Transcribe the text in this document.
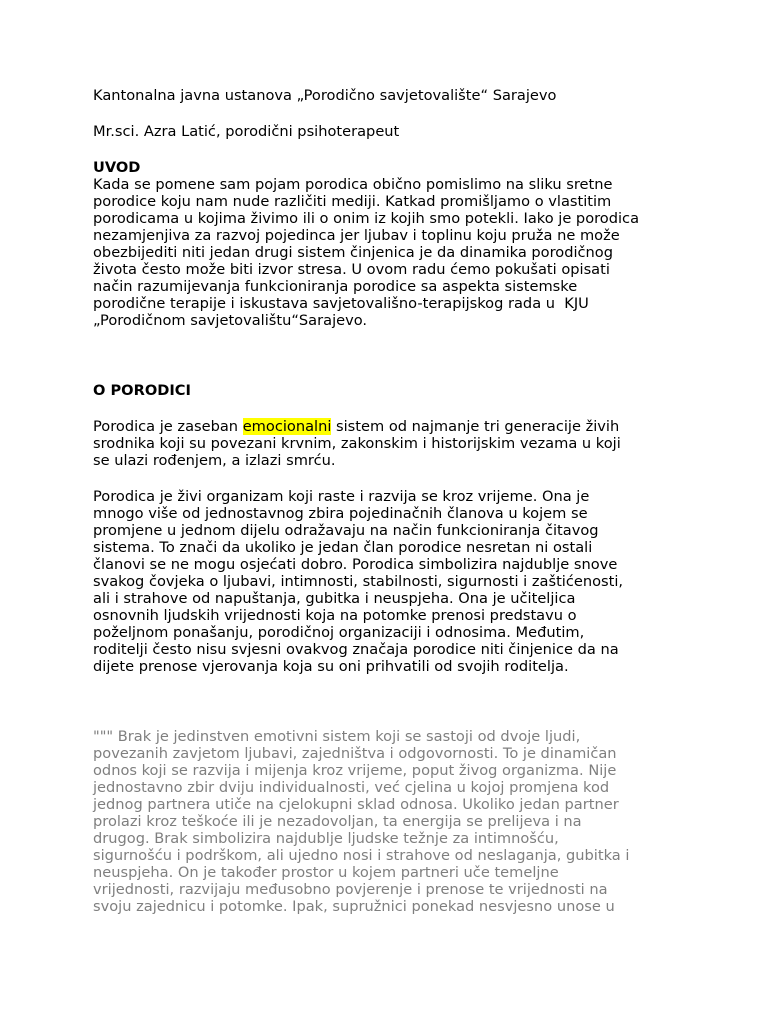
Kantonalna javna ustanova „Porodično savjetovalište“ Sarajevo

Mr.sci. Azra Latić, porodični psihoterapeut

UVOD

Kada se pomene sam pojam porodica obično pomislimo na sliku sretne
porodice koju nam nude različiti mediji. Katkad promišljamo o vlastitim
porodicama u kojima živimo ili o onim iz kojih smo potekli. Iako je porodica
nezamjenjiva za razvoj pojedinca jer ljubav i toplinu koju pruža ne može
obezbijediti niti jedan drugi sistem činjenica je da dinamika porodičnog
života često može biti izvor stresa. U ovom radu ćemo pokušati opisati
način razumijevanja funkcioniranja porodice sa aspekta sistemske
porodične terapije i iskustava savjetovališno-terapijskog rada u  KJU
„Porodičnom savjetovalištu“Sarajevo.

O PORODICI

Porodica je zaseban emocionalni sistem od najmanje tri generacije živih
srodnika koji su povezani krvnim, zakonskim i historijskim vezama u koji
se ulazi rođenjem, a izlazi smrću.

Porodica je živi organizam koji raste i razvija se kroz vrijeme. Ona je
mnogo više od jednostavnog zbira pojedinačnih članova u kojem se
promjene u jednom dijelu odražavaju na način funkcioniranja čitavog
sistema. To znači da ukoliko je jedan član porodice nesretan ni ostali
članovi se ne mogu osjećati dobro. Porodica simbolizira najdublje snove
svakog čovjeka o ljubavi, intimnosti, stabilnosti, sigurnosti i zaštićenosti,
ali i strahove od napuštanja, gubitka i neuspjeha. Ona je učiteljica
osnovnih ljudskih vrijednosti koja na potomke prenosi predstavu o
poželjnom ponašanju, porodičnoj organizaciji i odnosima. Međutim,
roditelji često nisu svjesni ovakvog značaja porodice niti činjenice da na
dijete prenose vjerovanja koja su oni prihvatili od svojih roditelja.

""" Brak je jedinstven emotivni sistem koji se sastoji od dvoje ljudi,
povezanih zavjetom ljubavi, zajedništva i odgovornosti. To je dinamičan
odnos koji se razvija i mijenja kroz vrijeme, poput živog organizma. Nije
jednostavno zbir dviju individualnosti, već cjelina u kojoj promjena kod
jednog partnera utiče na cjelokupni sklad odnosa. Ukoliko jedan partner
prolazi kroz teškoće ili je nezadovoljan, ta energija se prelijeva i na
drugog. Brak simbolizira najdublje ljudske težnje za intimnošću,
sigurnošću i podrškom, ali ujedno nosi i strahove od neslaganja, gubitka i
neuspjeha. On je također prostor u kojem partneri uče temeljne
vrijednosti, razvijaju međusobno povjerenje i prenose te vrijednosti na
svoju zajednicu i potomke. Ipak, supružnici ponekad nesvjesno unose u
